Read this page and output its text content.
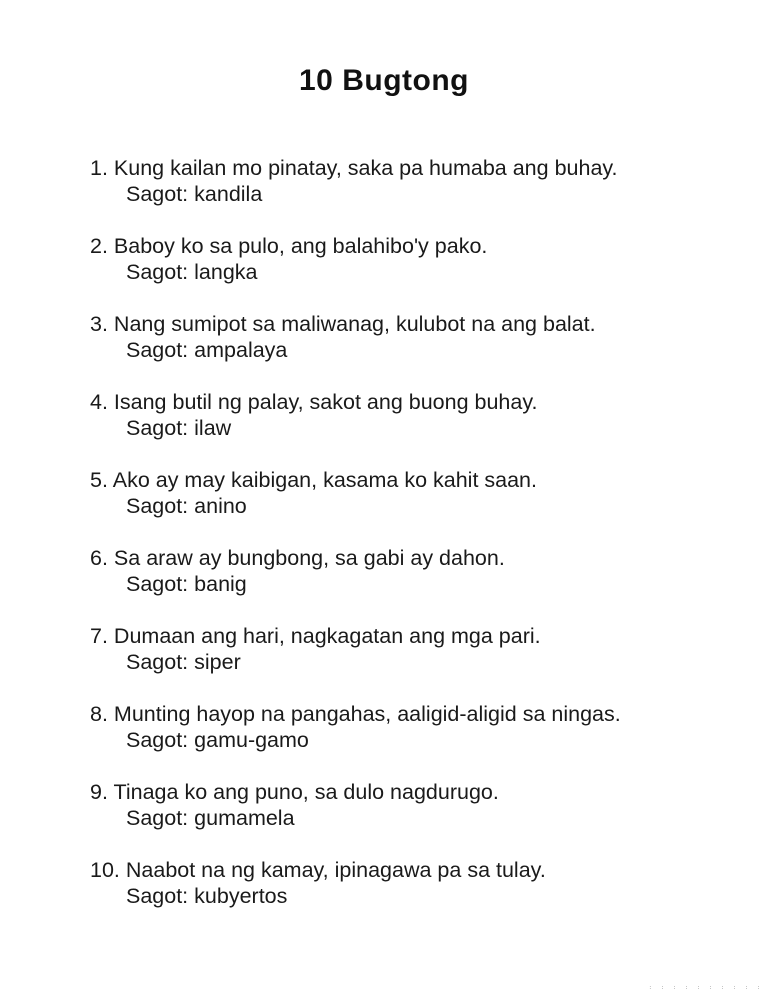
10 Bugtong
1. Kung kailan mo pinatay, saka pa humaba ang buhay.
Sagot: kandila
2. Baboy ko sa pulo, ang balahibo'y pako.
Sagot: langka
3. Nang sumipot sa maliwanag, kulubot na ang balat.
Sagot: ampalaya
4. Isang butil ng palay, sakot ang buong buhay.
Sagot: ilaw
5. Ako ay may kaibigan, kasama ko kahit saan.
Sagot: anino
6. Sa araw ay bungbong, sa gabi ay dahon.
Sagot: banig
7. Dumaan ang hari, nagkagatan ang mga pari.
Sagot: siper
8. Munting hayop na pangahas, aaligid-aligid sa ningas.
Sagot: gamu-gamo
9. Tinaga ko ang puno, sa dulo nagdurugo.
Sagot: gumamela
10. Naabot na ng kamay, ipinagawa pa sa tulay.
Sagot: kubyertos
: : : : : : : : : :
